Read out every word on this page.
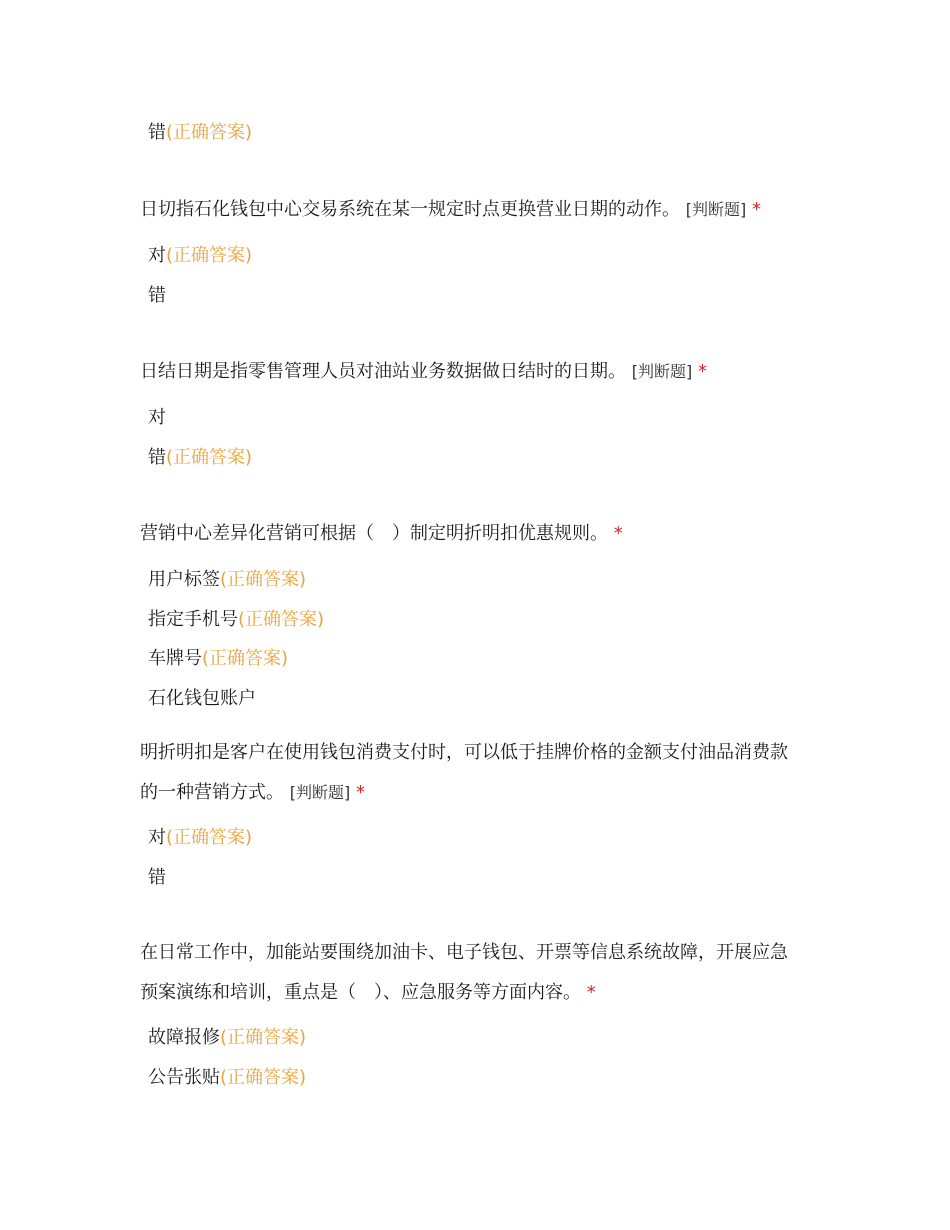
错(正确答案)
日切指石化钱包中心交易系统在某一规定时点更换营业日期的动作。 [判断题] *
对(正确答案)
错
日结日期是指零售管理人员对油站业务数据做日结时的日期。 [判断题] *
对
错(正确答案)
营销中心差异化营销可根据（　）制定明折明扣优惠规则。 *
用户标签(正确答案)
指定手机号(正确答案)
车牌号(正确答案)
石化钱包账户
明折明扣是客户在使用钱包消费支付时，可以低于挂牌价格的金额支付油品消费款
的一种营销方式。 [判断题] *
对(正确答案)
错
在日常工作中，加能站要围绕加油卡、电子钱包、开票等信息系统故障，开展应急
预案演练和培训，重点是（　）、应急服务等方面内容。 *
故障报修(正确答案)
公告张贴(正确答案)
